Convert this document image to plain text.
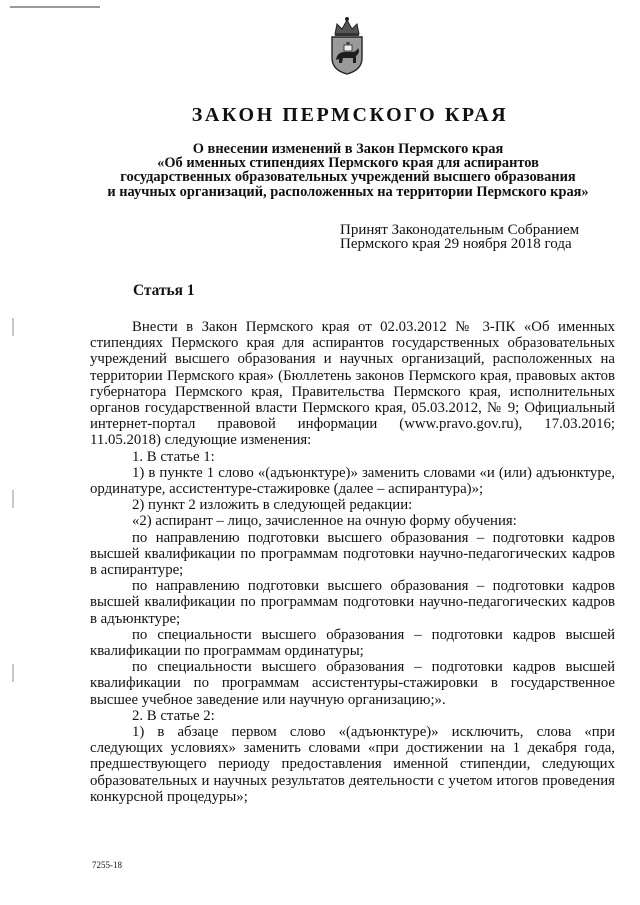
ЗАКОН ПЕРМСКОГО КРАЯ
О внесении изменений в Закон Пермского края
«Об именных стипендиях Пермского края для аспирантов
государственных образовательных учреждений высшего образования
и научных организаций, расположенных на территории Пермского края»
Принят Законодательным Собранием
Пермского края 29 ноября 2018 года
Статья 1

Внести в Закон Пермского края от 02.03.2012 № 3-ПК «Об именных стипендиях Пермского края для аспирантов государственных образовательных учреждений высшего образования и научных организаций, расположенных на территории Пермского края» (Бюллетень законов Пермского края, правовых актов губернатора Пермского края, Правительства Пермского края, исполнительных органов государственной власти Пермского края, 05.03.2012, № 9; Официальный интернет-портал правовой информации (www.pravo.gov.ru), 17.03.2016; 11.05.2018) следующие изменения:

1. В статье 1:

1) в пункте 1 слово «(адъюнктуре)» заменить словами «и (или) адъюнктуре, ординатуре, ассистентуре-стажировке (далее – аспирантура)»;

2) пункт 2 изложить в следующей редакции:

«2) аспирант – лицо, зачисленное на очную форму обучения:

по направлению подготовки высшего образования – подготовки кадров высшей квалификации по программам подготовки научно-педагогических кадров в аспирантуре;

по направлению подготовки высшего образования – подготовки кадров высшей квалификации по программам подготовки научно-педагогических кадров в адъюнктуре;

по специальности высшего образования – подготовки кадров высшей квалификации по программам ординатуры;

по специальности высшего образования – подготовки кадров высшей квалификации по программам ассистентуры-стажировки в государственное высшее учебное заведение или научную организацию;».

2. В статье 2:

1) в абзаце первом слово «(адъюнктуре)» исключить, слова «при следующих условиях» заменить словами «при достижении на 1 декабря года, предшествующего периоду предоставления именной стипендии, следующих образовательных и научных результатов деятельности с учетом итогов проведения конкурсной процедуры»;

7255-18
